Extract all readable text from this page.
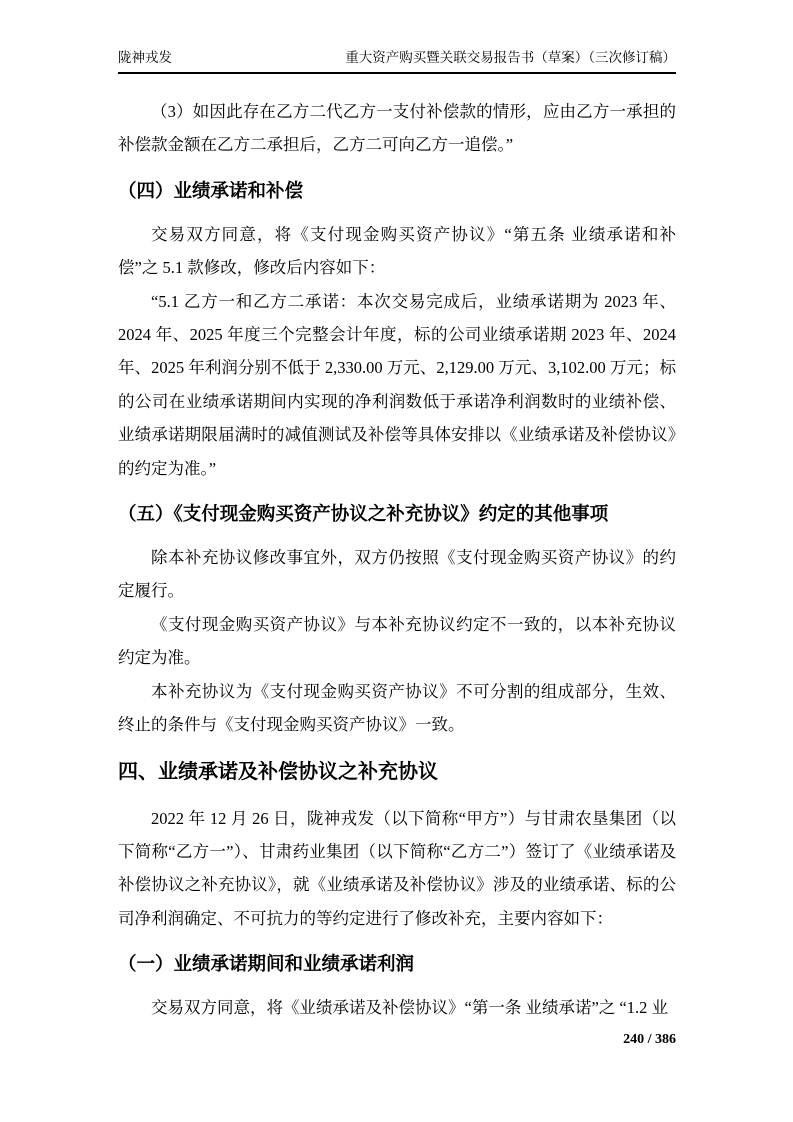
陇神戎发	重大资产购买暨关联交易报告书（草案）（三次修订稿）

（3）如因此存在乙方二代乙方一支付补偿款的情形，应由乙方一承担的补偿款金额在乙方二承担后，乙方二可向乙方一追偿。”

（四）业绩承诺和补偿

交易双方同意，将《支付现金购买资产协议》“第五条 业绩承诺和补偿”之 5.1 款修改，修改后内容如下：

“5.1 乙方一和乙方二承诺：本次交易完成后，业绩承诺期为 2023 年、2024 年、2025 年度三个完整会计年度，标的公司业绩承诺期 2023 年、2024 年、2025 年利润分别不低于 2,330.00 万元、2,129.00 万元、3,102.00 万元；标的公司在业绩承诺期间内实现的净利润数低于承诺净利润数时的业绩补偿、业绩承诺期限届满时的减值测试及补偿等具体安排以《业绩承诺及补偿协议》的约定为准。”

（五）《支付现金购买资产协议之补充协议》约定的其他事项

除本补充协议修改事宜外，双方仍按照《支付现金购买资产协议》的约定履行。

《支付现金购买资产协议》与本补充协议约定不一致的，以本补充协议约定为准。

本补充协议为《支付现金购买资产协议》不可分割的组成部分，生效、终止的条件与《支付现金购买资产协议》一致。

四、业绩承诺及补偿协议之补充协议

2022 年 12 月 26 日，陇神戎发（以下简称“甲方”）与甘肃农垦集团（以下简称“乙方一”）、甘肃药业集团（以下简称“乙方二”）签订了《业绩承诺及补偿协议之补充协议》，就《业绩承诺及补偿协议》涉及的业绩承诺、标的公司净利润确定、不可抗力的等约定进行了修改补充，主要内容如下：

（一）业绩承诺期间和业绩承诺利润

交易双方同意，将《业绩承诺及补偿协议》“第一条 业绩承诺”之 “1.2 业

240 / 386
